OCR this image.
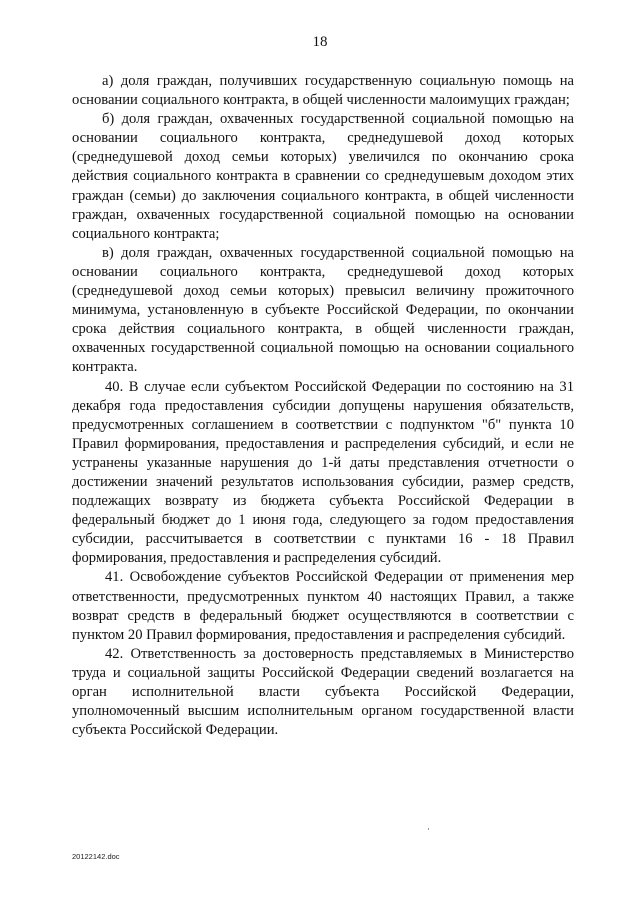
18

а) доля граждан, получивших государственную социальную помощь на основании социального контракта, в общей численности малоимущих граждан;

б) доля граждан, охваченных государственной социальной помощью на основании социального контракта, среднедушевой доход которых (среднедушевой доход семьи которых) увеличился по окончанию срока действия социального контракта в сравнении со среднедушевым доходом этих граждан (семьи) до заключения социального контракта, в общей численности граждан, охваченных государственной социальной помощью на основании социального контракта;

в) доля граждан, охваченных государственной социальной помощью на основании социального контракта, среднедушевой доход которых (среднедушевой доход семьи которых) превысил величину прожиточного минимума, установленную в субъекте Российской Федерации, по окончании срока действия социального контракта, в общей численности граждан, охваченных государственной социальной помощью на основании социального контракта.

40. В случае если субъектом Российской Федерации по состоянию на 31 декабря года предоставления субсидии допущены нарушения обязательств, предусмотренных соглашением в соответствии с подпунктом "б" пункта 10 Правил формирования, предоставления и распределения субсидий, и если не устранены указанные нарушения до 1-й даты представления отчетности о достижении значений результатов использования субсидии, размер средств, подлежащих возврату из бюджета субъекта Российской Федерации в федеральный бюджет до 1 июня года, следующего за годом предоставления субсидии, рассчитывается в соответствии с пунктами 16 - 18 Правил формирования, предоставления и распределения субсидий.

41. Освобождение субъектов Российской Федерации от применения мер ответственности, предусмотренных пунктом 40 настоящих Правил, а также возврат средств в федеральный бюджет осуществляются в соответствии с пунктом 20 Правил формирования, предоставления и распределения субсидий.

42. Ответственность за достоверность представляемых в Министерство труда и социальной защиты Российской Федерации сведений возлагается на орган исполнительной власти субъекта Российской Федерации, уполномоченный высшим исполнительным органом государственной власти субъекта Российской Федерации.

20122142.doc
